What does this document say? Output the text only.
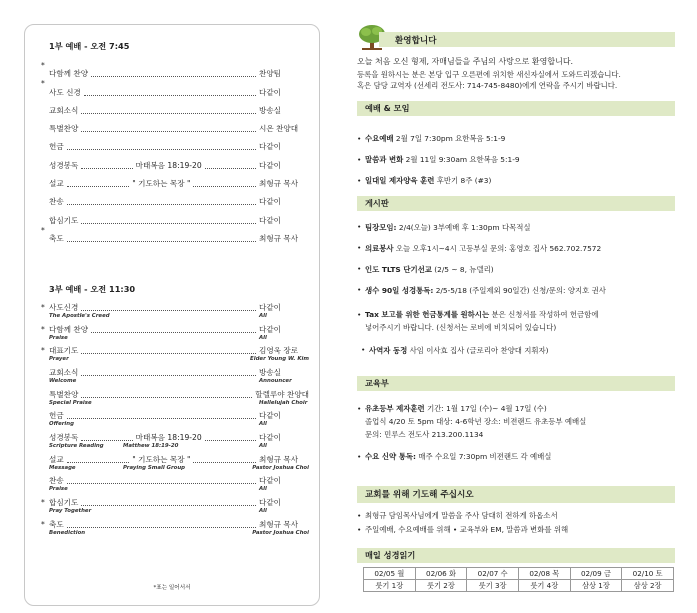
1부 예배 - 오전 7:45
*
다함께 찬양	찬양팀
*
사도 신경	다같이
교회소식	방송실
특별찬양	시온 찬양대
헌금	다같이
성경봉독	마태복음 18:19-20	다같이
설교	" 기도하는 목장 "	최형규 목사
찬송	다같이
합심기도	다같이
*
축도	최형규 목사
3부 예배 - 오전 11:30
* 사도신경	다같이
The Apostle's Creed	All
* 다함께 찬양	다같이
Praise	All
* 대표기도	김영욱 장로
Prayer	Elder Young W. Kim
교회소식	방송실
Welcome	Announcer
특별찬양	할렐루야 찬양대
Special Praise	Hallelujah Choir
헌금	다같이
Offering	All
성경봉독	마태복음 18:19-20	다같이
Scripture Reading	Matthew 18:19-20	All
설교	" 기도하는 목장 "	최형규 목사
Message	Praying Small Group	Pastor Joshua Choi
찬송	다같이
Praise	All
* 합심기도	다같이
Pray Together	All
* 축도	최형규 목사
Benediction	Pastor Joshua Choi
*표는 일어서서
환영합니다
오늘 처음 오신 형제, 자매님들을 주님의 사랑으로 환영합니다.
등록을 원하시는 분은 본당 입구 오른편에 위치한 새신자실에서 도와드리겠습니다.
혹은 담당 교역자 (선세리 전도사: 714-745-8480)에게 연락을 주시기 바랍니다.
예배 & 모임
• 수요예배 2월 7일 7:30pm 요한복음 5:1-9
• 말씀과 변화 2월 11일 9:30am 요한복음 5:1-9
• 일대일 제자양육 훈련 후반기 8주 (#3)
게시판
• 팀장모임: 2/4(오늘) 3부예배 후 1:30pm 다목적실
• 의료봉사 오늘 오후1시~4시 고등부실 문의: 홍영호 집사 562.702.7572
• 인도 TLTS 단기선교 (2/5 ~ 8, 뉴델리)
• 생수 90일 성경통독: 2/5-5/18 (주일제외 90일간) 신청/문의: 양지호 권사
• Tax 보고를 위한 헌금통계를 원하시는 분은 신청서를 작성하여 헌금함에
넣어주시기 바랍니다. (신청서는 로비에 비치되어 있습니다)
• 사역자 동정 사임 이사효 집사 (글로리아 찬양대 지휘자)
교육부
• 유초등부 제자훈련 기간: 1월 17일 (수)~ 4월 17일 (수)
졸업식 4/20 토 5pm 대상: 4-6학년 장소: 비젼랜드 유초등부 예배실
문의: 민루스 전도사 213.200.1134
• 수요 신약 통독: 매주 수요일 7:30pm 비젼랜드 각 예배실
교회를 위해 기도해 주십시오
• 최형규 담임목사님에게 말씀을 주사 담대히 전하게 하옵소서
• 주일예배, 수요예배를 위해 • 교육부와 EM, 말씀과 변화를 위해
매일 성경읽기
02/05 월	02/06 화	02/07 수	02/08 목	02/09 금	02/10 토
룻기 1장	룻기 2장	룻기 3장	룻기 4장	삼상 1장	삼상 2장
